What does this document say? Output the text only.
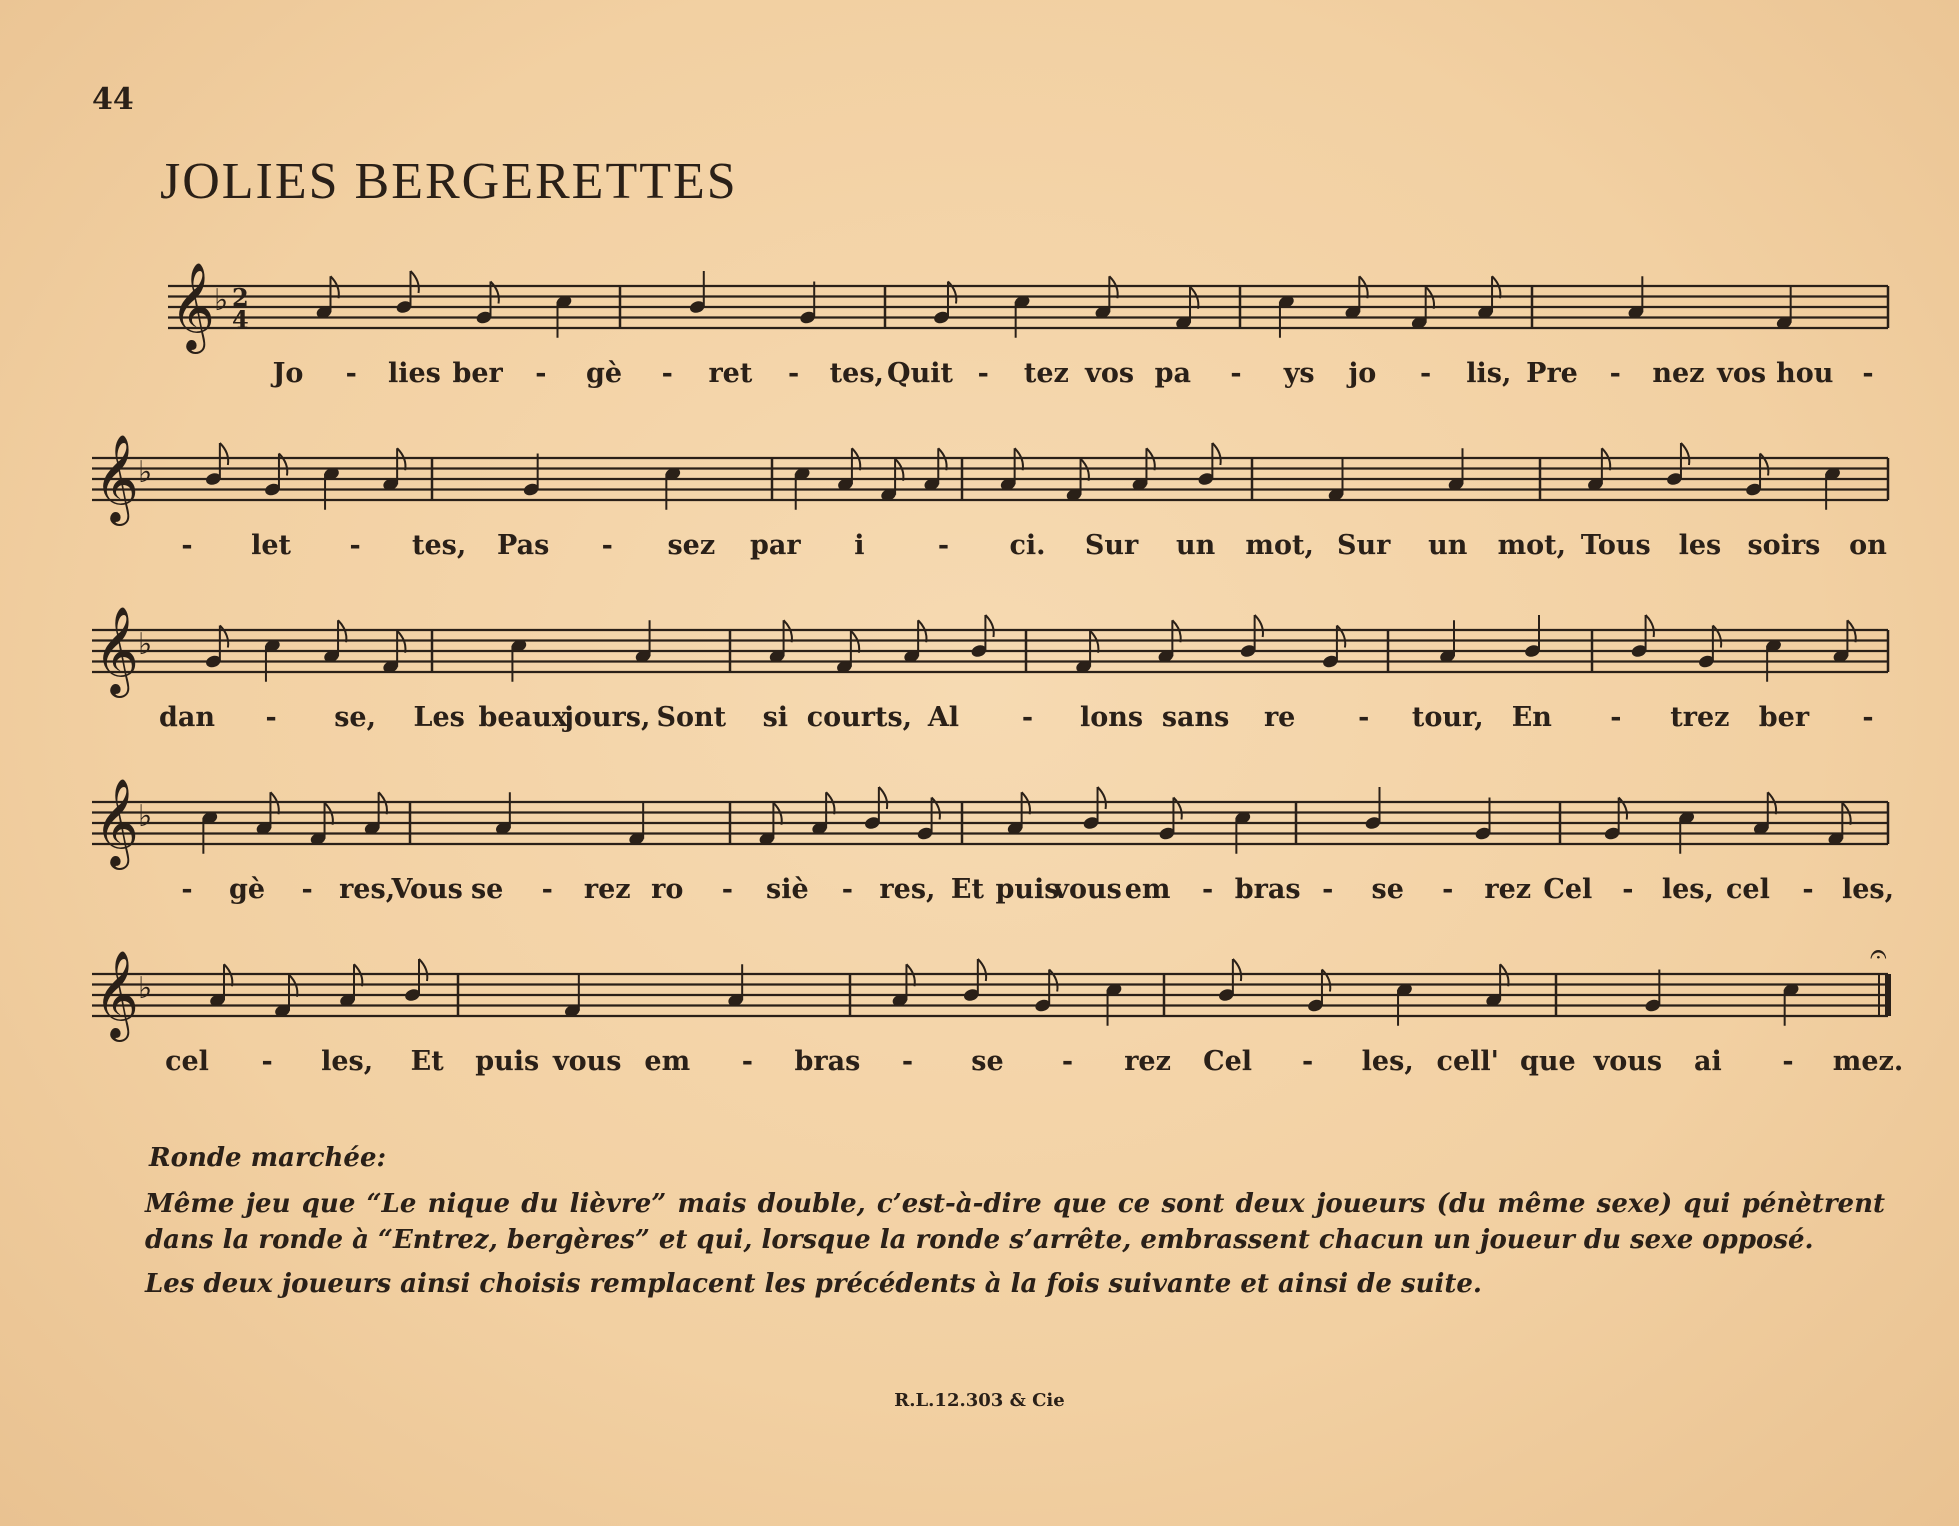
44
JOLIES BERGERETTES
𝄞 ♭ 2
4
𝄞 ♭
𝄞 ♭
𝄞 ♭
𝄞 ♭
𝄐
Jo - lies ber - gè - ret - tes, Quit - tez vos pa - ys jo - lis, Pre - nez vos hou -
- let - tes, Pas - sez par i	- ci. Sur un mot, Sur un mot, Tous les soirs on
dan - se, Les beaux
jours, Sont si courts, Al - lons sans re - tour, En - trez ber -
- gè - res,
Vous se - rez ro - siè - res, Et puis
vous em - bras - se - rez Cel - les, cel - les,
cel - les, Et puis vous em - bras - se - rez Cel - les, cell' que vous ai - mez.
Ronde marchée:
Même jeu que “Le nique du lièvre” mais double, c’est-à-dire que ce sont deux joueurs (du même sexe) qui pénètrent dans la ronde à “Entrez, bergères” et qui, lorsque la ronde s’arrête, embrassent chacun un joueur du sexe opposé.
Les deux joueurs ainsi choisis remplacent les précédents à la fois suivante et ainsi de suite.
R.L.12.303 & Cie
